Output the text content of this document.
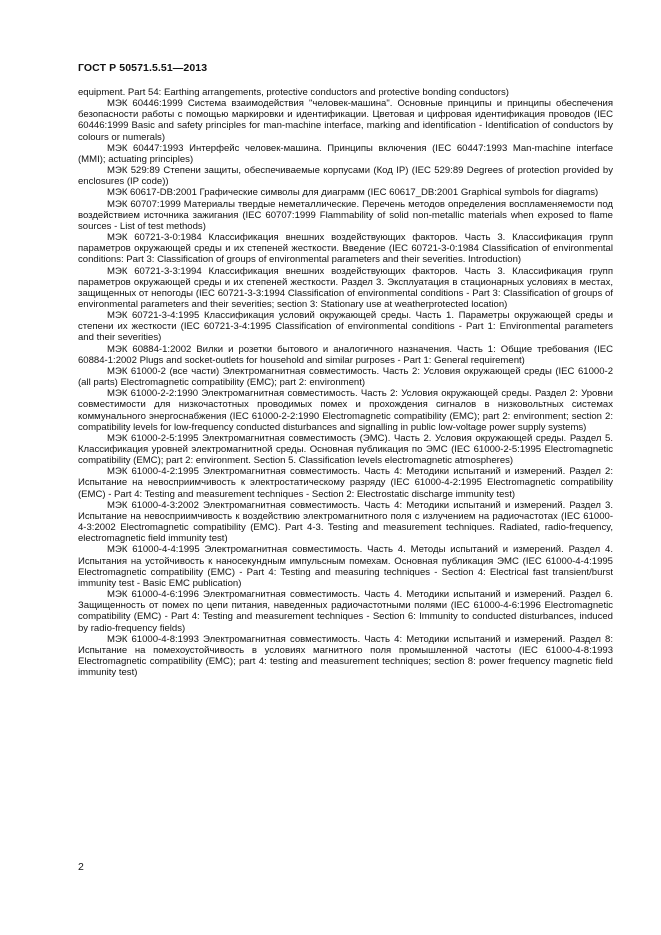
ГОСТ Р 50571.5.51—2013

equipment. Part 54: Earthing arrangements, protective conductors and protective bonding conductors)

МЭК 60446:1999 Система взаимодействия "человек-машина". Основные принципы и принципы обеспечения безопасности работы с помощью маркировки и идентификации. Цветовая и цифровая идентификация проводов (IEC 60446:1999 Basic and safety principles for man-machine interface, marking and identification - Identification of conductors by colours or numerals)

МЭК 60447:1993 Интерфейс человек-машина. Принципы включения (IEC 60447:1993 Man-machine interface (MMI); actuating principles)

МЭК 529:89 Степени защиты, обеспечиваемые корпусами (Код IP) (IEC 529:89 Degrees of protection provided by enclosures (IP code))

МЭК 60617-DB:2001 Графические символы для диаграмм (IEC 60617_DB:2001 Graphical symbols for diagrams)

МЭК 60707:1999 Материалы твердые неметаллические. Перечень методов определения воспламеняемости под воздействием источника зажигания (IEC 60707:1999 Flammability of solid non-metallic materials when exposed to flame sources - List of test methods)

МЭК 60721-3-0:1984 Классификация внешних воздействующих факторов. Часть 3. Классификация групп параметров окружающей среды и их степеней жесткости. Введение (IEC 60721-3-0:1984 Classification of environmental conditions: Part 3: Classification of groups of environmental parameters and their severities. Introduction)

МЭК 60721-3-3:1994 Классификация внешних воздействующих факторов. Часть 3. Классификация групп параметров окружающей среды и их степеней жесткости. Раздел 3. Эксплуатация в стационарных условиях в местах, защищенных от непогоды (IEC 60721-3-3:1994 Classification of environmental conditions - Part 3: Classification of groups of environmental parameters and their severities; section 3: Stationary use at weatherprotected location)

МЭК 60721-3-4:1995 Классификация условий окружающей среды. Часть 1. Параметры окружающей среды и степени их жесткости (IEC 60721-3-4:1995 Classification of environmental conditions - Part 1: Environmental parameters and their severities)

МЭК 60884-1:2002 Вилки и розетки бытового и аналогичного назначения. Часть 1: Общие требования (IEC 60884-1:2002 Plugs and socket-outlets for household and similar purposes - Part 1: General requirement)

МЭК 61000-2 (все части) Электромагнитная совместимость. Часть 2: Условия окружающей среды (IEC 61000-2 (all parts) Electromagnetic compatibility (EMC); part 2: environment)

МЭК 61000-2-2:1990 Электромагнитная совместимость. Часть 2: Условия окружающей среды. Раздел 2: Уровни совместимости для низкочастотных проводимых помех и прохождения сигналов в низковольтных системах коммунального энергоснабжения (IEC 61000-2-2:1990 Electromagnetic compatibility (EMC); part 2: environment; section 2: compatibility levels for low-frequency conducted disturbances and signalling in public low-voltage power supply systems)

МЭК 61000-2-5:1995 Электромагнитная совместимость (ЭМС). Часть 2. Условия окружающей среды. Раздел 5. Классификация уровней электромагнитной среды. Основная публикация по ЭМС (IEC 61000-2-5:1995 Electromagnetic compatibility (EMC); part 2: environment. Section 5. Classification levels electromagnetic atmospheres)

МЭК 61000-4-2:1995 Электромагнитная совместимость. Часть 4: Методики испытаний и измерений. Раздел 2: Испытание на невосприимчивость к электростатическому разряду (IEC 61000-4-2:1995 Electromagnetic compatibility (EMC) - Part 4: Testing and measurement techniques - Section 2: Electrostatic discharge immunity test)

МЭК 61000-4-3:2002 Электромагнитная совместимость. Часть 4: Методики испытаний и измерений. Раздел 3. Испытание на невосприимчивость к воздействию электромагнитного поля с излучением на радиочастотах (IEC 61000-4-3:2002 Electromagnetic compatibility (EMC). Part 4-3. Testing and measurement techniques. Radiated, radio-frequency, electromagnetic field immunity test)

МЭК 61000-4-4:1995 Электромагнитная совместимость. Часть 4. Методы испытаний и измерений. Раздел 4. Испытания на устойчивость к наносекундным импульсным помехам. Основная публикация ЭМС (IEC 61000-4-4:1995 Electromagnetic compatibility (EMC) - Part 4: Testing and measuring techniques - Section 4: Electrical fast transient/burst immunity test - Basic EMC publication)

МЭК 61000-4-6:1996 Электромагнитная совместимость. Часть 4. Методики испытаний и измерений. Раздел 6. Защищенность от помех по цепи питания, наведенных радиочастотными полями (IEC 61000-4-6:1996 Electromagnetic compatibility (EMC) - Part 4: Testing and measurement techniques - Section 6: Immunity to conducted disturbances, induced by radio-frequency fields)

МЭК 61000-4-8:1993 Электромагнитная совместимость. Часть 4: Методики испытаний и измерений. Раздел 8: Испытание на помехоустойчивость в условиях магнитного поля промышленной частоты (IEC 61000-4-8:1993 Electromagnetic compatibility (EMC); part 4: testing and measurement techniques; section 8: power frequency magnetic field immunity test)

2
